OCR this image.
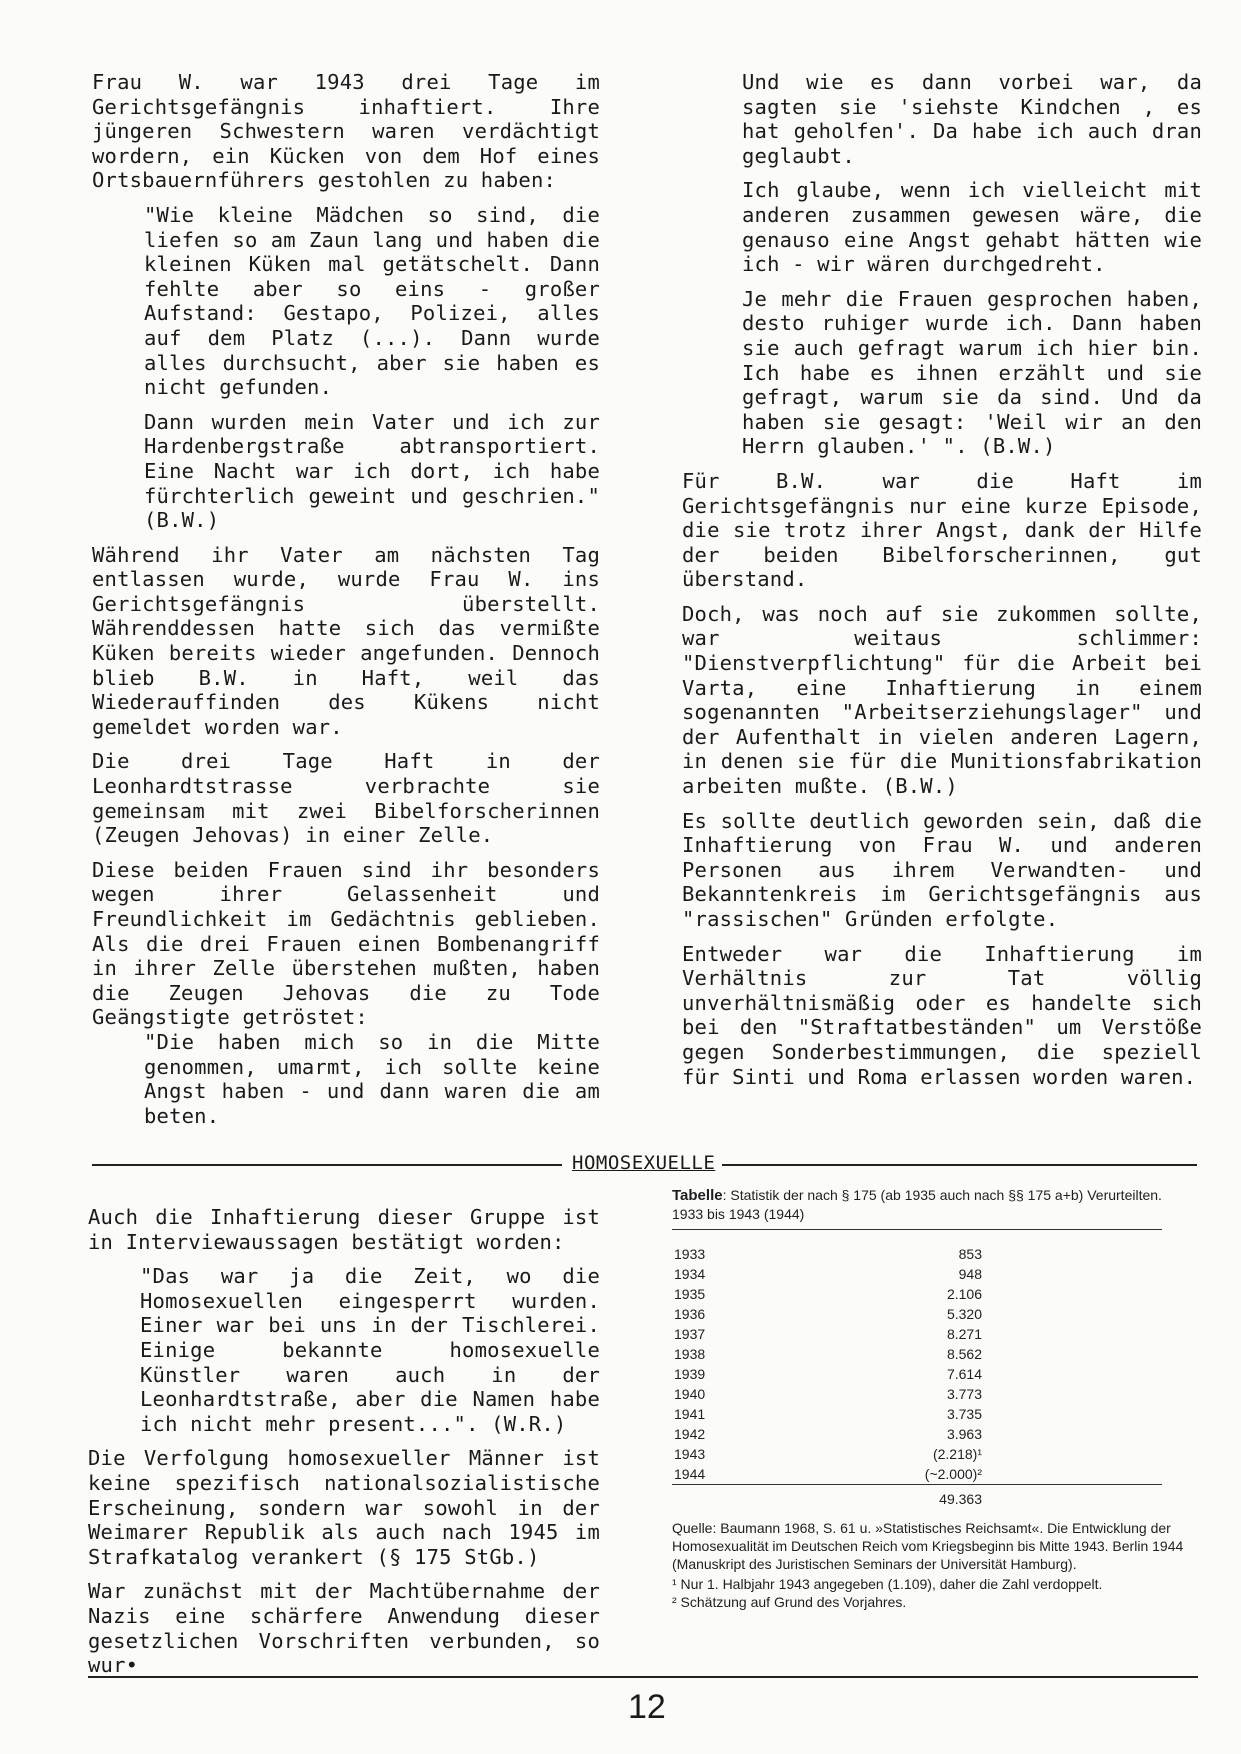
Frau W. war 1943 drei Tage im Gerichtsgefängnis inhaftiert. Ihre jüngeren Schwestern waren verdächtigt wordern, ein Kücken von dem Hof eines Ortsbauernführers gestohlen zu haben:

"Wie kleine Mädchen so sind, die liefen so am Zaun lang und haben die kleinen Küken mal getätschelt. Dann fehlte aber so eins - großer Aufstand: Gestapo, Polizei, alles auf dem Platz (...). Dann wurde alles durchsucht, aber sie haben es nicht gefunden.

Dann wurden mein Vater und ich zur Hardenbergstraße abtransportiert. Eine Nacht war ich dort, ich habe fürchterlich geweint und geschrien." (B.W.)

Während ihr Vater am nächsten Tag entlassen wurde, wurde Frau W. ins Gerichtsgefängnis überstellt. Währenddessen hatte sich das vermißte Küken bereits wieder angefunden. Dennoch blieb B.W. in Haft, weil das Wiederauffinden des Kükens nicht gemeldet worden war.

Die drei Tage Haft in der Leonhardtstrasse verbrachte sie gemeinsam mit zwei Bibelforscherinnen (Zeugen Jehovas) in einer Zelle.

Diese beiden Frauen sind ihr besonders wegen ihrer Gelassenheit und Freundlichkeit im Gedächtnis geblieben. Als die drei Frauen einen Bombenangriff in ihrer Zelle überstehen mußten, haben die Zeugen Jehovas die zu Tode Geängstigte getröstet:

"Die haben mich so in die Mitte genommen, umarmt, ich sollte keine Angst haben - und dann waren die am beten.

Und wie es dann vorbei war, da sagten sie 'siehste Kindchen , es hat geholfen'. Da habe ich auch dran geglaubt.

Ich glaube, wenn ich vielleicht mit anderen zusammen gewesen wäre, die genauso eine Angst gehabt hätten wie ich - wir wären durchgedreht.

Je mehr die Frauen gesprochen haben, desto ruhiger wurde ich. Dann haben sie auch gefragt warum ich hier bin. Ich habe es ihnen erzählt und sie gefragt, warum sie da sind. Und da haben sie gesagt: 'Weil wir an den Herrn glauben.' ". (B.W.)

Für B.W. war die Haft im Gerichtsgefängnis nur eine kurze Episode, die sie trotz ihrer Angst, dank der Hilfe der beiden Bibelforscherinnen, gut überstand.

Doch, was noch auf sie zukommen sollte, war weitaus schlimmer: "Dienstverpflichtung" für die Arbeit bei Varta, eine Inhaftierung in einem sogenannten "Arbeitserziehungslager" und der Aufenthalt in vielen anderen Lagern, in denen sie für die Munitionsfabrikation arbeiten mußte. (B.W.)

Es sollte deutlich geworden sein, daß die Inhaftierung von Frau W. und anderen Personen aus ihrem Verwandten- und Bekanntenkreis im Gerichtsgefängnis aus "rassischen" Gründen erfolgte.

Entweder war die Inhaftierung im Verhältnis zur Tat völlig unverhältnismäßig oder es handelte sich bei den "Straftatbeständen" um Verstöße gegen Sonderbestimmungen, die speziell für Sinti und Roma erlassen worden waren.

HOMOSEXUELLE

Auch die Inhaftierung dieser Gruppe ist in Interviewaussagen bestätigt worden:

"Das war ja die Zeit, wo die Homosexuellen eingesperrt wurden. Einer war bei uns in der Tischlerei. Einige bekannte homosexuelle Künstler waren auch in der Leonhardtstraße, aber die Namen habe ich nicht mehr present...". (W.R.)

Die Verfolgung homosexueller Männer ist keine spezifisch nationalsozialistische Erscheinung, sondern war sowohl in der Weimarer Republik als auch nach 1945 im Strafkatalog verankert (§ 175 StGb.)

War zunächst mit der Machtübernahme der Nazis eine schärfere Anwendung dieser gesetzlichen Vorschriften verbunden, so wur•

Tabelle: Statistik der nach § 175 (ab 1935 auch nach §§ 175 a+b) Verurteilten. 1933 bis 1943 (1944)

1933	853
1934	948
1935	2.106
1936	5.320
1937	8.271
1938	8.562
1939	7.614
1940	3.773
1941	3.735
1942	3.963
1943	(2.218)¹
1944	(~2.000)²
	49.363

Quelle: Baumann 1968, S. 61 u. »Statistisches Reichsamt«. Die Entwicklung der Homosexualität im Deutschen Reich vom Kriegsbeginn bis Mitte 1943. Berlin 1944 (Manuskript des Juristischen Seminars der Universität Hamburg).

¹ Nur 1. Halbjahr 1943 angegeben (1.109), daher die Zahl verdoppelt.

² Schätzung auf Grund des Vorjahres.

12
